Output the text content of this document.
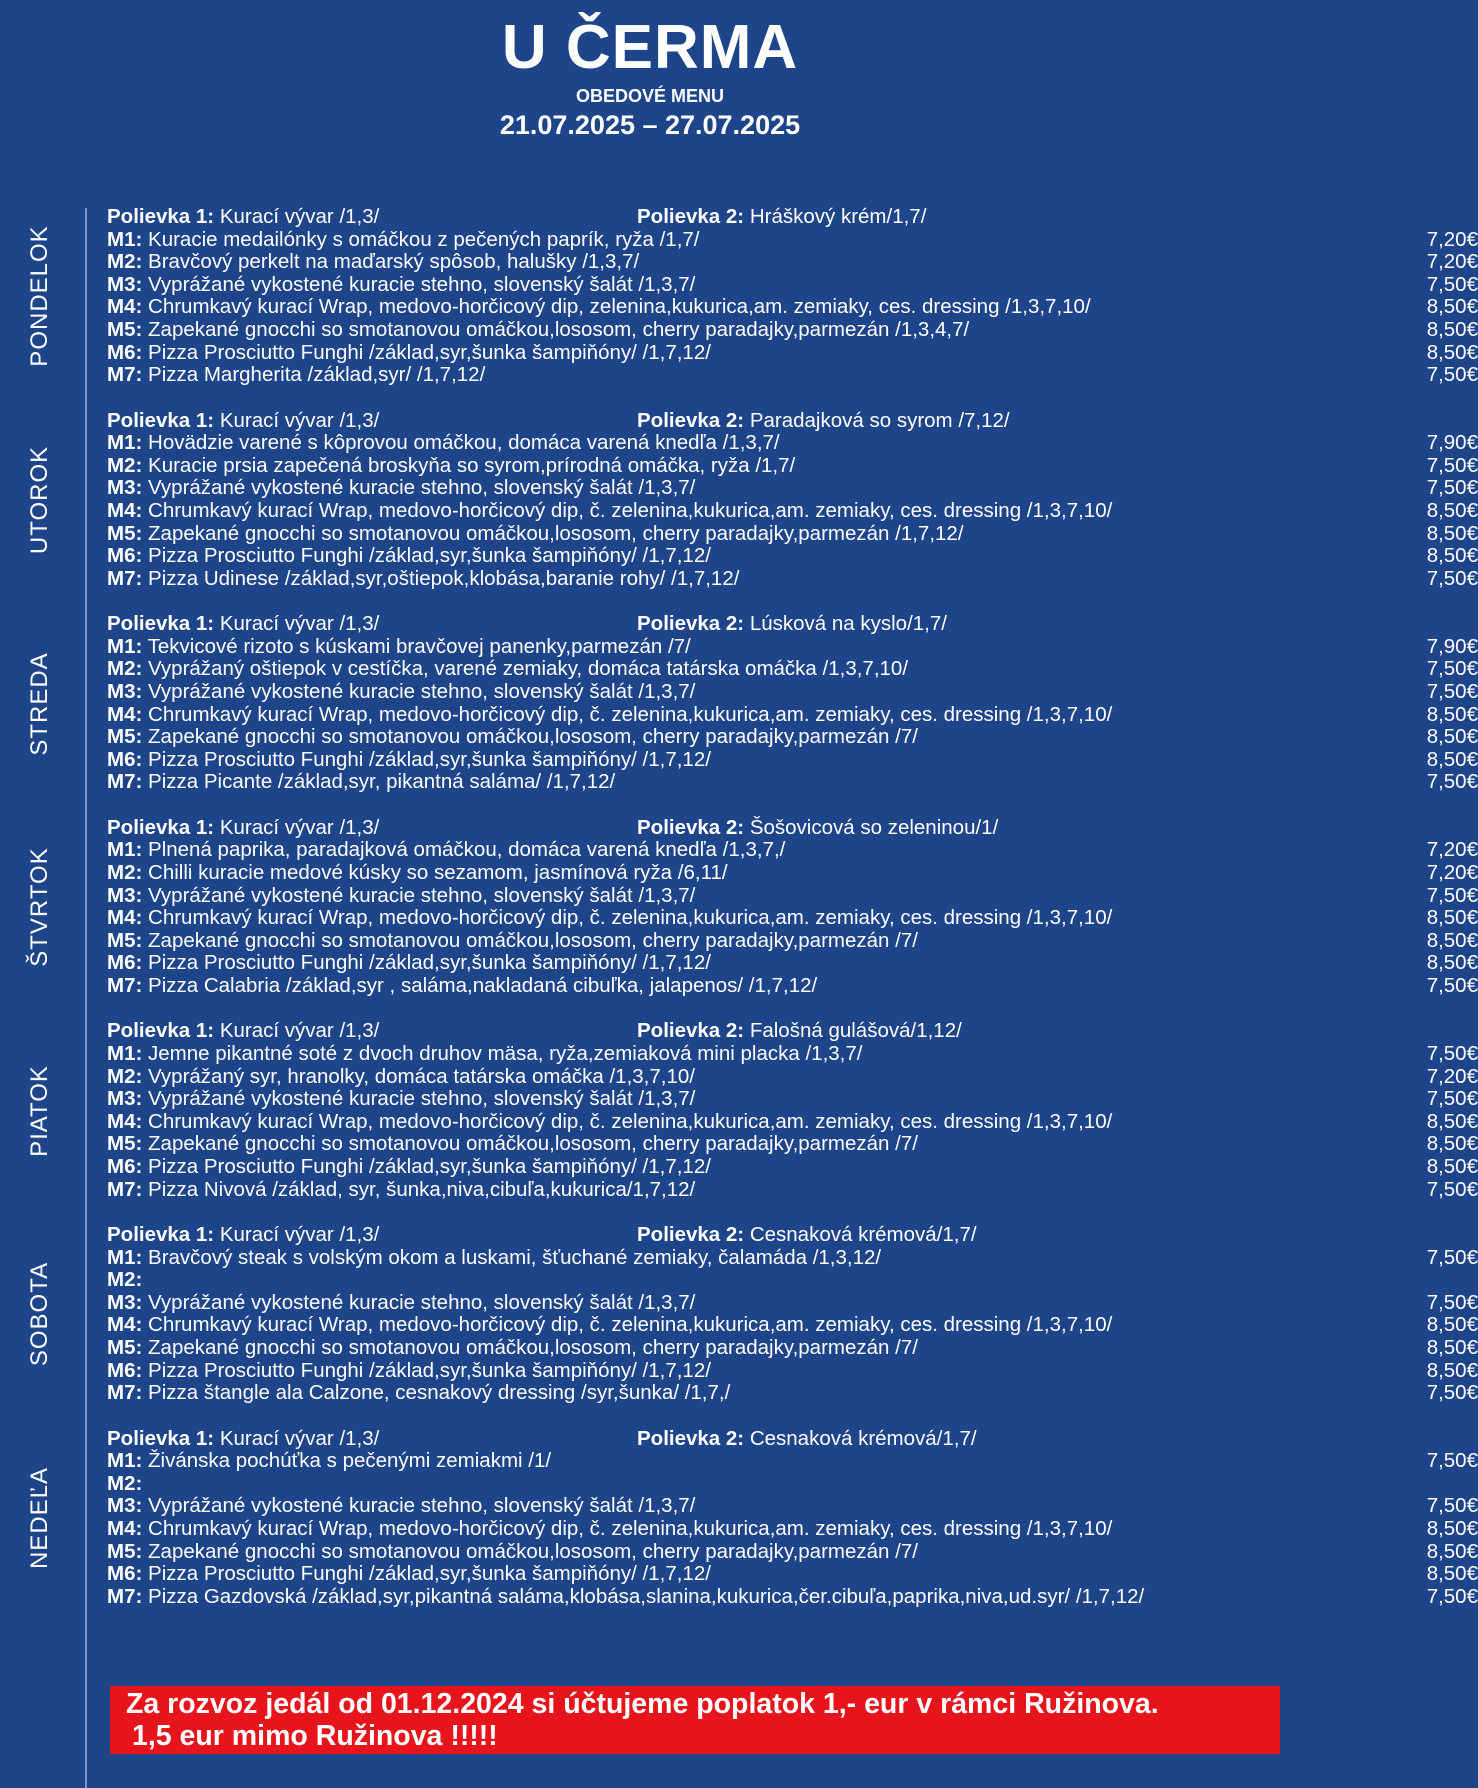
U ČERMA
OBEDOVÉ MENU
21.07.2025 – 27.07.2025
PONDELOK
Polievka 1: Kurací vývar /1,3/	Polievka 2: Hráškový krém/1,7/
M1: Kuracie medailónky s omáčkou z pečených paprík, ryža /1,7/	7,20€
M2: Bravčový perkelt na maďarský spôsob, halušky /1,3,7/	7,20€
M3: Vyprážané vykostené kuracie stehno, slovenský šalát /1,3,7/	7,50€
M4: Chrumkavý kurací Wrap, medovo-horčicový dip, zelenina,kukurica,am. zemiaky, ces. dressing /1,3,7,10/	8,50€
M5: Zapekané gnocchi so smotanovou omáčkou,lososom, cherry paradajky,parmezán /1,3,4,7/	8,50€
M6: Pizza Prosciutto Funghi /základ,syr,šunka šampiňóny/ /1,7,12/	8,50€
M7: Pizza Margherita /základ,syr/ /1,7,12/	7,50€
UTOROK
Polievka 1: Kurací vývar /1,3/	Polievka 2: Paradajková so syrom /7,12/
M1: Hovädzie varené s kôprovou omáčkou, domáca varená knedľa /1,3,7/	7,90€
M2: Kuracie prsia zapečená broskyňa so syrom,prírodná omáčka, ryža /1,7/	7,50€
M3: Vyprážané vykostené kuracie stehno, slovenský šalát /1,3,7/	7,50€
M4: Chrumkavý kurací Wrap, medovo-horčicový dip, č. zelenina,kukurica,am. zemiaky, ces. dressing /1,3,7,10/	8,50€
M5: Zapekané gnocchi so smotanovou omáčkou,lososom, cherry paradajky,parmezán /1,7,12/	8,50€
M6: Pizza Prosciutto Funghi /základ,syr,šunka šampiňóny/ /1,7,12/	8,50€
M7: Pizza Udinese /základ,syr,oštiepok,klobása,baranie rohy/ /1,7,12/	7,50€
STREDA
Polievka 1: Kurací vývar /1,3/	Polievka 2: Lúsková na kyslo/1,7/
M1: Tekvicové rizoto s kúskami bravčovej panenky,parmezán /7/	7,90€
M2: Vyprážaný oštiepok v cestíčka, varené zemiaky, domáca tatárska omáčka /1,3,7,10/	7,50€
M3: Vyprážané vykostené kuracie stehno, slovenský šalát /1,3,7/	7,50€
M4: Chrumkavý kurací Wrap, medovo-horčicový dip, č. zelenina,kukurica,am. zemiaky, ces. dressing /1,3,7,10/	8,50€
M5: Zapekané gnocchi so smotanovou omáčkou,lososom, cherry paradajky,parmezán /7/	8,50€
M6: Pizza Prosciutto Funghi /základ,syr,šunka šampiňóny/ /1,7,12/	8,50€
M7: Pizza Picante /základ,syr, pikantná saláma/ /1,7,12/	7,50€
ŠTVRTOK
Polievka 1: Kurací vývar /1,3/	Polievka 2: Šošovicová so zeleninou/1/
M1: Plnená paprika, paradajková omáčkou, domáca varená knedľa /1,3,7,/	7,20€
M2: Chilli kuracie medové kúsky so sezamom, jasmínová ryža /6,11/	7,20€
M3: Vyprážané vykostené kuracie stehno, slovenský šalát /1,3,7/	7,50€
M4: Chrumkavý kurací Wrap, medovo-horčicový dip, č. zelenina,kukurica,am. zemiaky, ces. dressing /1,3,7,10/	8,50€
M5: Zapekané gnocchi so smotanovou omáčkou,lososom, cherry paradajky,parmezán /7/	8,50€
M6: Pizza Prosciutto Funghi /základ,syr,šunka šampiňóny/ /1,7,12/	8,50€
M7: Pizza Calabria /základ,syr , saláma,nakladaná cibuľka, jalapenos/ /1,7,12/	7,50€
PIATOK
Polievka 1: Kurací vývar /1,3/	Polievka 2: Falošná gulášová/1,12/
M1: Jemne pikantné soté z dvoch druhov mäsa, ryža,zemiaková mini placka /1,3,7/	7,50€
M2: Vyprážaný syr, hranolky, domáca tatárska omáčka /1,3,7,10/	7,20€
M3: Vyprážané vykostené kuracie stehno, slovenský šalát /1,3,7/	7,50€
M4: Chrumkavý kurací Wrap, medovo-horčicový dip, č. zelenina,kukurica,am. zemiaky, ces. dressing /1,3,7,10/	8,50€
M5: Zapekané gnocchi so smotanovou omáčkou,lososom, cherry paradajky,parmezán /7/	8,50€
M6: Pizza Prosciutto Funghi /základ,syr,šunka šampiňóny/ /1,7,12/	8,50€
M7: Pizza Nivová /základ, syr, šunka,niva,cibuľa,kukurica/1,7,12/	7,50€
SOBOTA
Polievka 1: Kurací vývar /1,3/	Polievka 2: Cesnaková krémová/1,7/
M1: Bravčový steak s volským okom a luskami, šťuchané zemiaky, čalamáda /1,3,12/	7,50€
M2:
M3: Vyprážané vykostené kuracie stehno, slovenský šalát /1,3,7/	7,50€
M4: Chrumkavý kurací Wrap, medovo-horčicový dip, č. zelenina,kukurica,am. zemiaky, ces. dressing /1,3,7,10/	8,50€
M5: Zapekané gnocchi so smotanovou omáčkou,lososom, cherry paradajky,parmezán /7/	8,50€
M6: Pizza Prosciutto Funghi /základ,syr,šunka šampiňóny/ /1,7,12/	8,50€
M7: Pizza štangle ala Calzone, cesnakový dressing /syr,šunka/ /1,7,/	7,50€
NEDEĽA
Polievka 1: Kurací vývar /1,3/	Polievka 2: Cesnaková krémová/1,7/
M1: Živánska pochúťka s pečenými zemiakmi /1/	7,50€
M2:
M3: Vyprážané vykostené kuracie stehno, slovenský šalát /1,3,7/	7,50€
M4: Chrumkavý kurací Wrap, medovo-horčicový dip, č. zelenina,kukurica,am. zemiaky, ces. dressing /1,3,7,10/	8,50€
M5: Zapekané gnocchi so smotanovou omáčkou,lososom, cherry paradajky,parmezán /7/	8,50€
M6: Pizza Prosciutto Funghi /základ,syr,šunka šampiňóny/ /1,7,12/	8,50€
M7: Pizza Gazdovská /základ,syr,pikantná saláma,klobása,slanina,kukurica,čer.cibuľa,paprika,niva,ud.syr/ /1,7,12/	7,50€
Za rozvoz jedál od 01.12.2024 si účtujeme poplatok 1,- eur v rámci Ružinova.
1,5 eur mimo Ružinova !!!!!
